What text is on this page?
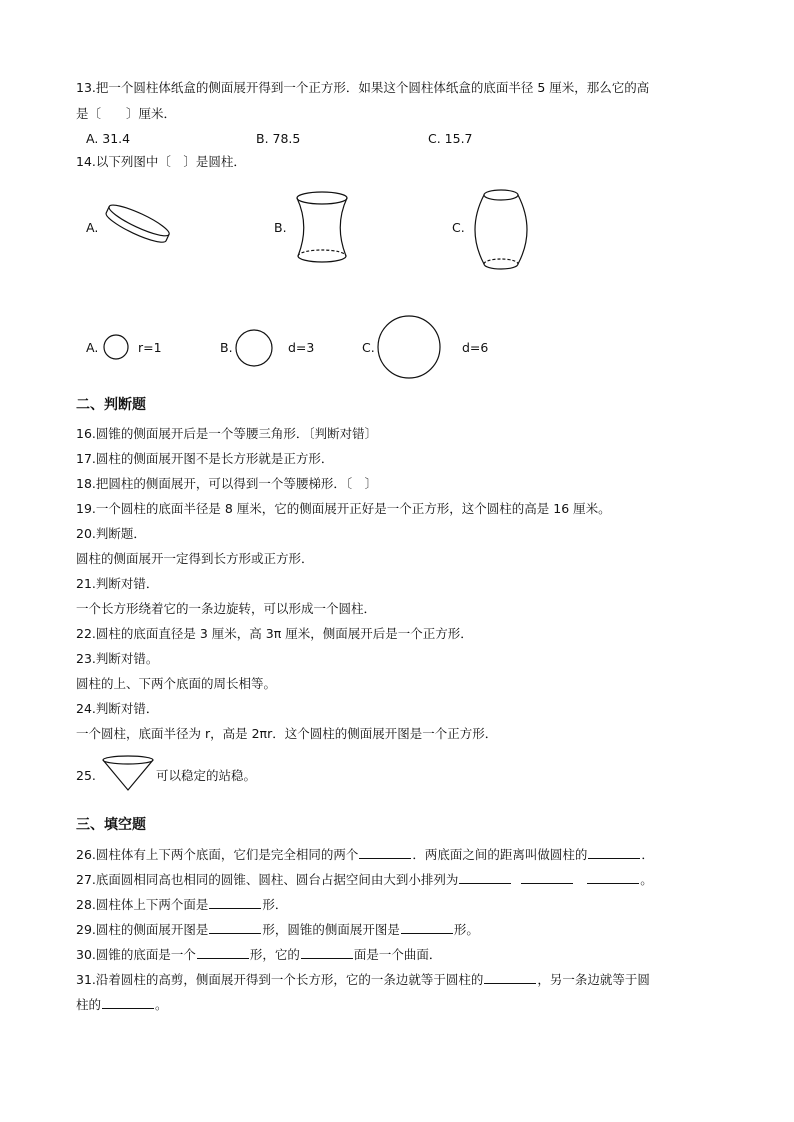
13.把一个圆柱体纸盒的侧面展开得到一个正方形．如果这个圆柱体纸盒的底面半径 5 厘米，那么它的高
是〔　　〕厘米．
A. 31.4	B. 78.5	C. 15.7
14.以下列图中〔　〕是圆柱．
A.	B.	C.
A.	r=1	B.	d=3	C.	d=6
二、判断题
16.圆锥的侧面展开后是一个等腰三角形．〔判断对错〕
17.圆柱的侧面展开图不是长方形就是正方形．
18.把圆柱的侧面展开，可以得到一个等腰梯形．〔　〕
19.一个圆柱的底面半径是 8 厘米，它的侧面展开正好是一个正方形，这个圆柱的高是 16 厘米。
20.判断题．
圆柱的侧面展开一定得到长方形或正方形．
21.判断对错．
一个长方形绕着它的一条边旋转，可以形成一个圆柱．
22.圆柱的底面直径是 3 厘米，高 3π 厘米，侧面展开后是一个正方形．
23.判断对错。
圆柱的上、下两个底面的周长相等。
24.判断对错．
一个圆柱，底面半径为 r，高是 2πr．这个圆柱的侧面展开图是一个正方形．
25.	可以稳定的站稳。
三、填空题
26.圆柱体有上下两个底面，它们是完全相同的两个	．两底面之间的距离叫做圆柱的	．
27.底面圆相同高也相同的圆锥、圆柱、圆台占据空间由大到小排列为	。
28.圆柱体上下两个面是	形．
29.圆柱的侧面展开图是	形，圆锥的侧面展开图是	形。
30.圆锥的底面是一个	形，它的	面是一个曲面．
31.沿着圆柱的高剪，侧面展开得到一个长方形，它的一条边就等于圆柱的	，另一条边就等于圆
柱的	。
